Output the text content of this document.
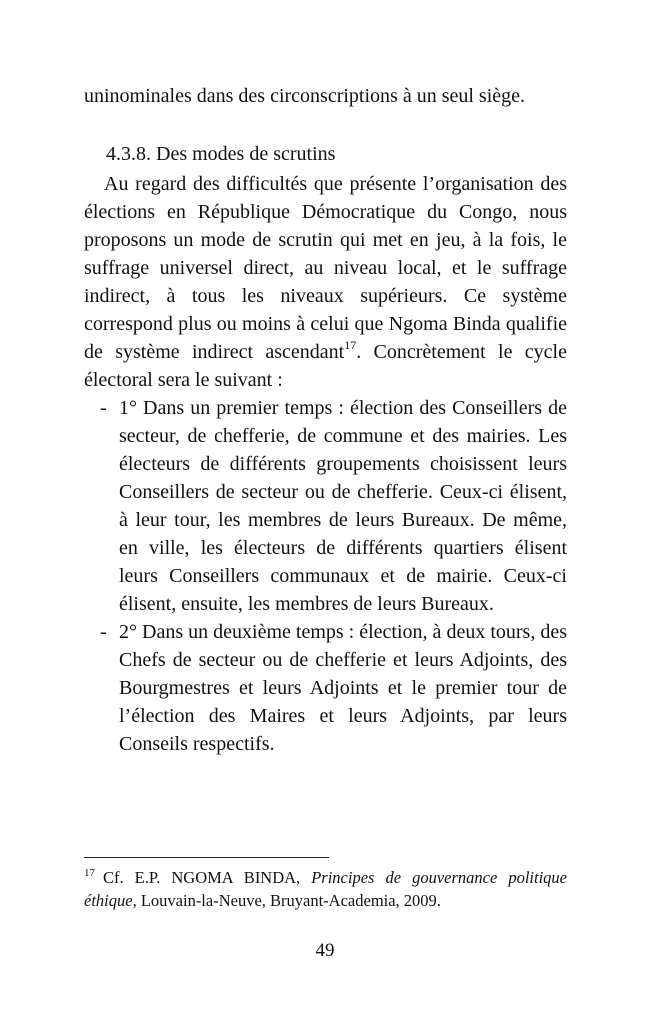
uninominales dans des circonscriptions à un seul siège.

4.3.8. Des modes de scrutins

Au regard des difficultés que présente l’organisation des élections en République Démocratique du Congo, nous proposons un mode de scrutin qui met en jeu, à la fois, le suffrage universel direct, au niveau local, et le suffrage indirect, à tous les niveaux supérieurs. Ce système correspond plus ou moins à celui que Ngoma Binda qualifie de système indirect ascendant$^{17}$. Concrètement le cycle électoral sera le suivant :

- 1° Dans un premier temps : élection des Conseillers de secteur, de chefferie, de commune et des mairies. Les électeurs de différents groupements choisissent leurs Conseillers de secteur ou de chefferie. Ceux-ci élisent, à leur tour, les membres de leurs Bureaux. De même, en ville, les électeurs de différents quartiers élisent leurs Conseillers communaux et de mairie. Ceux-ci élisent, ensuite, les membres de leurs Bureaux.
- 2° Dans un deuxième temps : élection, à deux tours, des Chefs de secteur ou de chefferie et leurs Adjoints, des Bourgmestres et leurs Adjoints et le premier tour de l’élection des Maires et leurs Adjoints, par leurs Conseils respectifs.

$^{17}$ Cf. E.P. NGOMA BINDA, Principes de gouvernance politique éthique, Louvain-la-Neuve, Bruyant-Academia, 2009.

49
